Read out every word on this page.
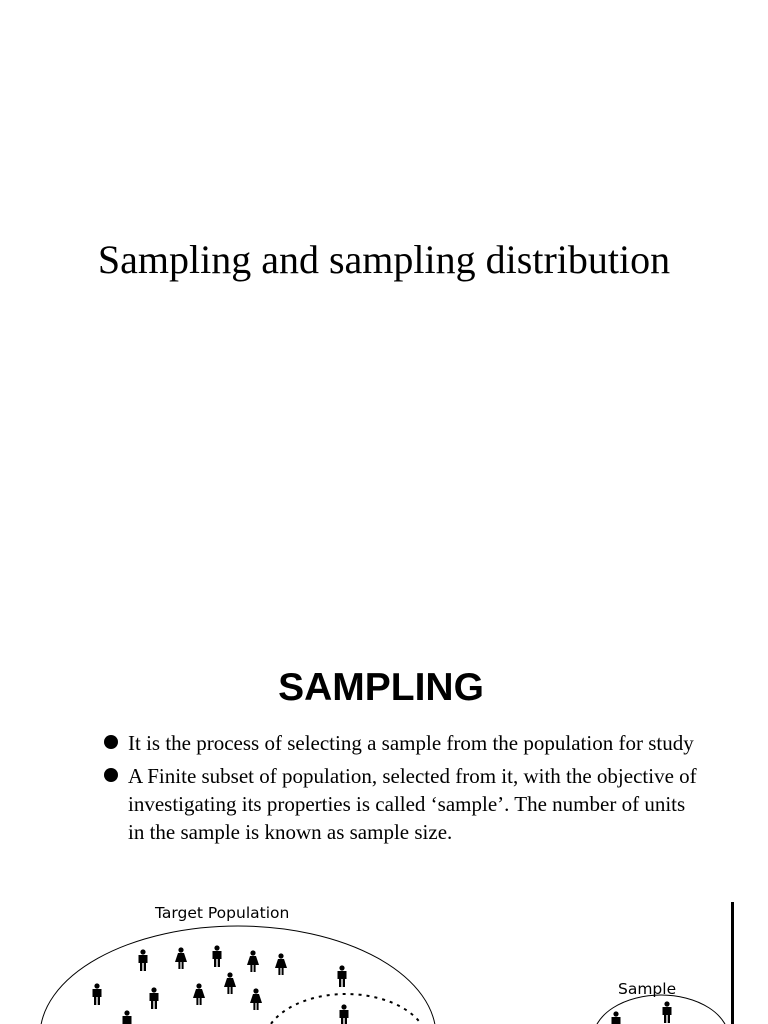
Sampling and sampling distribution
SAMPLING
It is the process of selecting a sample from the population for study
A Finite subset of population, selected from it, with the objective of investigating its properties is called ‘sample’. The number of units in the sample is known as sample size.
Target Population
Sample
